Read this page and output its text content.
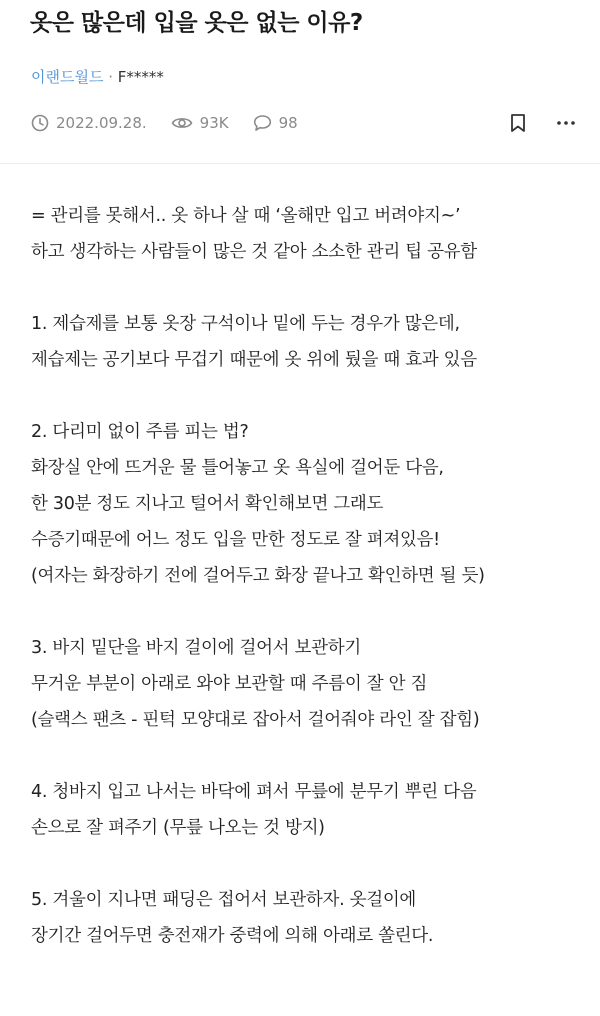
옷은 많은데 입을 옷은 없는 이유?
이랜드월드 · F*****
2022.09.28.	93K	98
= 관리를 못해서.. 옷 하나 살 때 ‘올해만 입고 버려야지~’
하고 생각하는 사람들이 많은 것 같아 소소한 관리 팁 공유함
1. 제습제를 보통 옷장 구석이나 밑에 두는 경우가 많은데,
제습제는 공기보다 무겁기 때문에 옷 위에 뒀을 때 효과 있음
2. 다리미 없이 주름 피는 법?
화장실 안에 뜨거운 물 틀어놓고 옷 욕실에 걸어둔 다음,
한 30분 정도 지나고 털어서 확인해보면 그래도
수증기때문에 어느 정도 입을 만한 정도로 잘 펴져있음!
(여자는 화장하기 전에 걸어두고 화장 끝나고 확인하면 될 듯)
3. 바지 밑단을 바지 걸이에 걸어서 보관하기
무거운 부분이 아래로 와야 보관할 때 주름이 잘 안 짐
(슬랙스 팬츠 - 핀턱 모양대로 잡아서 걸어줘야 라인 잘 잡힘)
4. 청바지 입고 나서는 바닥에 펴서 무릎에 분무기 뿌린 다음
손으로 잘 펴주기 (무릎 나오는 것 방지)
5. 겨울이 지나면 패딩은 접어서 보관하자. 옷걸이에
장기간 걸어두면 충전재가 중력에 의해 아래로 쏠린다.
